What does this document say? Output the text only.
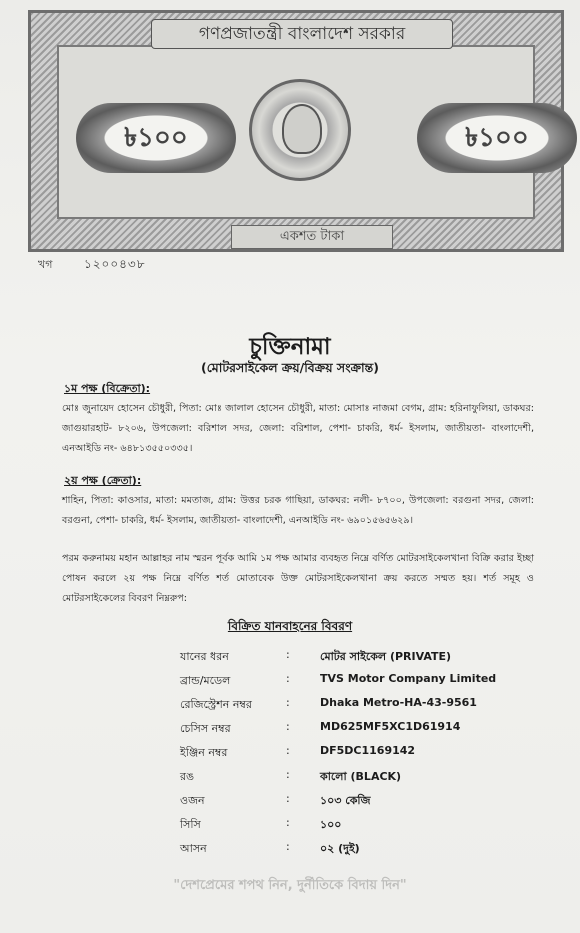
গণপ্রজাতন্ত্রী বাংলাদেশ সরকার
৳১০০	৳১০০
একশত টাকা
খগ	১২০০৪৩৮
চুক্তিনামা
(মোটরসাইকেল ক্রয়/বিক্রয় সংক্রান্ত)
১ম পক্ষ (বিক্রেতা):
মোঃ জুনায়েদ হোসেন চৌধুরী, পিতা: মোঃ জালাল হোসেন চৌধুরী, মাতা: মোসাঃ নাজমা বেগম, গ্রাম: হরিনাফুলিয়া, ডাকঘর: জাগুয়ারহাট- ৮২০৬, উপজেলা: বরিশাল সদর, জেলা: বরিশাল, পেশা- চাকরি, ধর্ম- ইসলাম, জাতীয়তা- বাংলাদেশী, এনআইডি নং- ৬৪৮১৩৫৫০৩৩৫।
২য় পক্ষ (ক্রেতা):
শাহিন, পিতা: কাওসার, মাতা: মমতাজ, গ্রাম: উত্তর চরক গাছিয়া, ডাকঘর: নলী- ৮৭০০, উপজেলা: বরগুনা সদর, জেলা: বরগুনা, পেশা- চাকরি, ধর্ম- ইসলাম, জাতীয়তা- বাংলাদেশী, এনআইডি নং- ৬৯০১৫৬৫৬২৯।
পরম করুনাময় মহান আল্লাহর নাম স্মরন পূর্বক আমি ১ম পক্ষ আমার ব্যবহৃত নিম্নে বর্ণিত মোটরসাইকেলখানা বিক্রি করার ইচ্ছা পোষন করলে ২য় পক্ষ নিম্নে বর্ণিত শর্ত মোতাবেক উক্ত মোটরসাইকেলখানা ক্রয় করতে সম্মত হয়। শর্ত সমূহ ও মোটরসাইকেলের বিবরণ নিম্নরুপ:
বিক্রিত যানবাহনের বিবরণ
যানের ধরন	:	মোটর সাইকেল (PRIVATE)
ব্রান্ড/মডেল	:	TVS Motor Company Limited
রেজিস্ট্রেশন নম্বর	:	Dhaka Metro-HA-43-9561
চেসিস নম্বর	:	MD625MF5XC1D61914
ইঞ্জিন নম্বর	:	DF5DC1169142
রঙ	:	কালো (BLACK)
ওজন	:	১০৩ কেজি
সিসি	:	১০০
আসন	:	০২ (দুই)
"দেশপ্রেমের শপথ নিন, দুর্নীতিকে বিদায় দিন"
